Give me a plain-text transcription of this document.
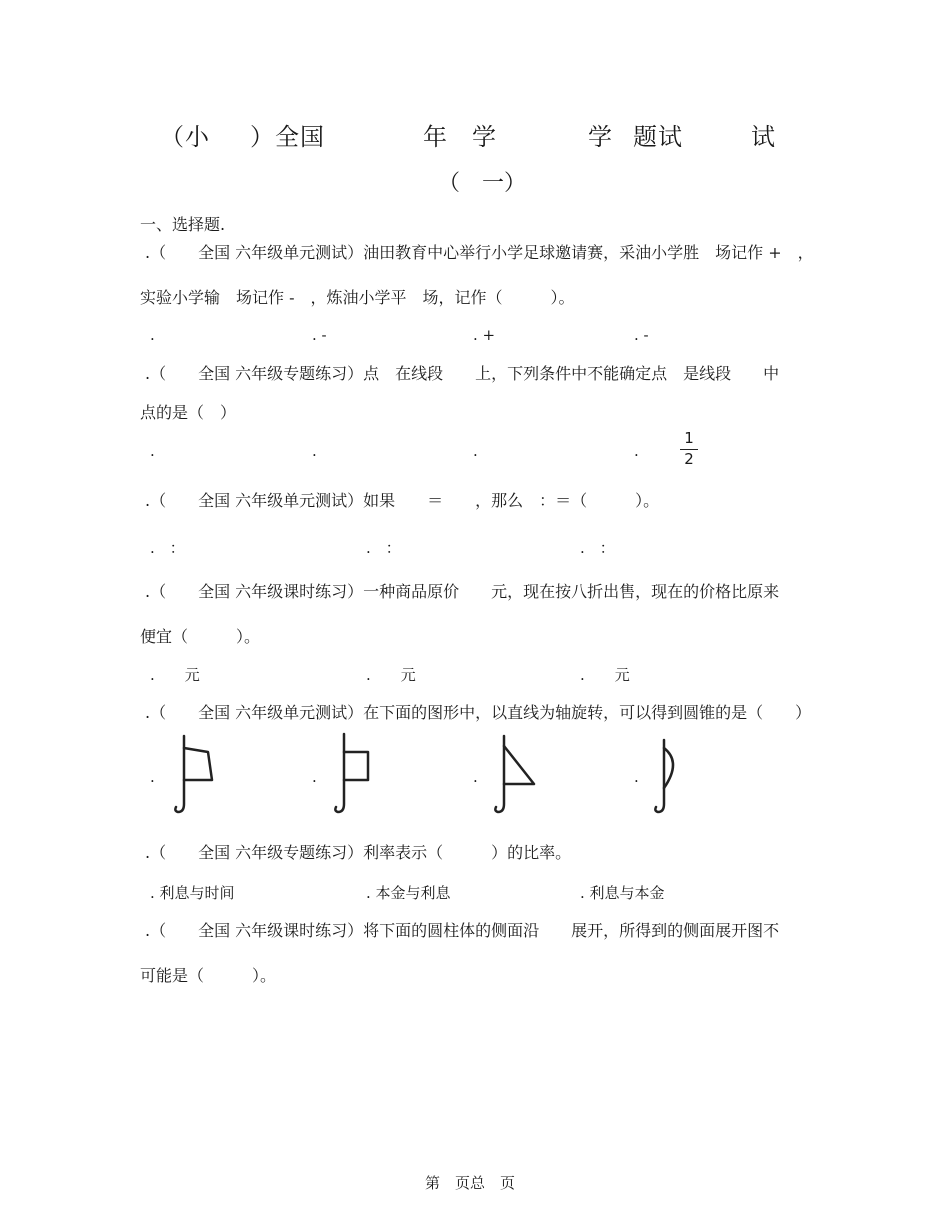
（小 ）全国	年 学	学 题试	试
（　一）
一、选择题.
.（　　全国 六年级单元测试）油田教育中心举行小学足球邀请赛，采油小学胜　场记作 +　，
实验小学输　场记作 -　，炼油小学平　场，记作（　　　）。
.	. -	. +	. -
.（　　全国 六年级专题练习）点　在线段　　上，下列条件中不能确定点　是线段　　中
点的是（　）
.	.	.	.
1
2
.（　　全国 六年级单元测试）如果　　＝　　，那么　：＝（　　　）。
.　：	.　：	.　：
.（　　全国 六年级课时练习）一种商品原价　　元，现在按八折出售，现在的价格比原来
便宜（　　　）。
.　　元	.　　元	.　　元
.（　　全国 六年级单元测试）在下面的图形中，以直线为轴旋转，可以得到圆锥的是（　　）
.	.	.	.
.（　　全国 六年级专题练习）利率表示（　　　）的比率。
. 利息与时间	. 本金与利息	. 利息与本金
.（　　全国 六年级课时练习）将下面的圆柱体的侧面沿　　展开，所得到的侧面展开图不
可能是（　　　）。
第　页总　页
